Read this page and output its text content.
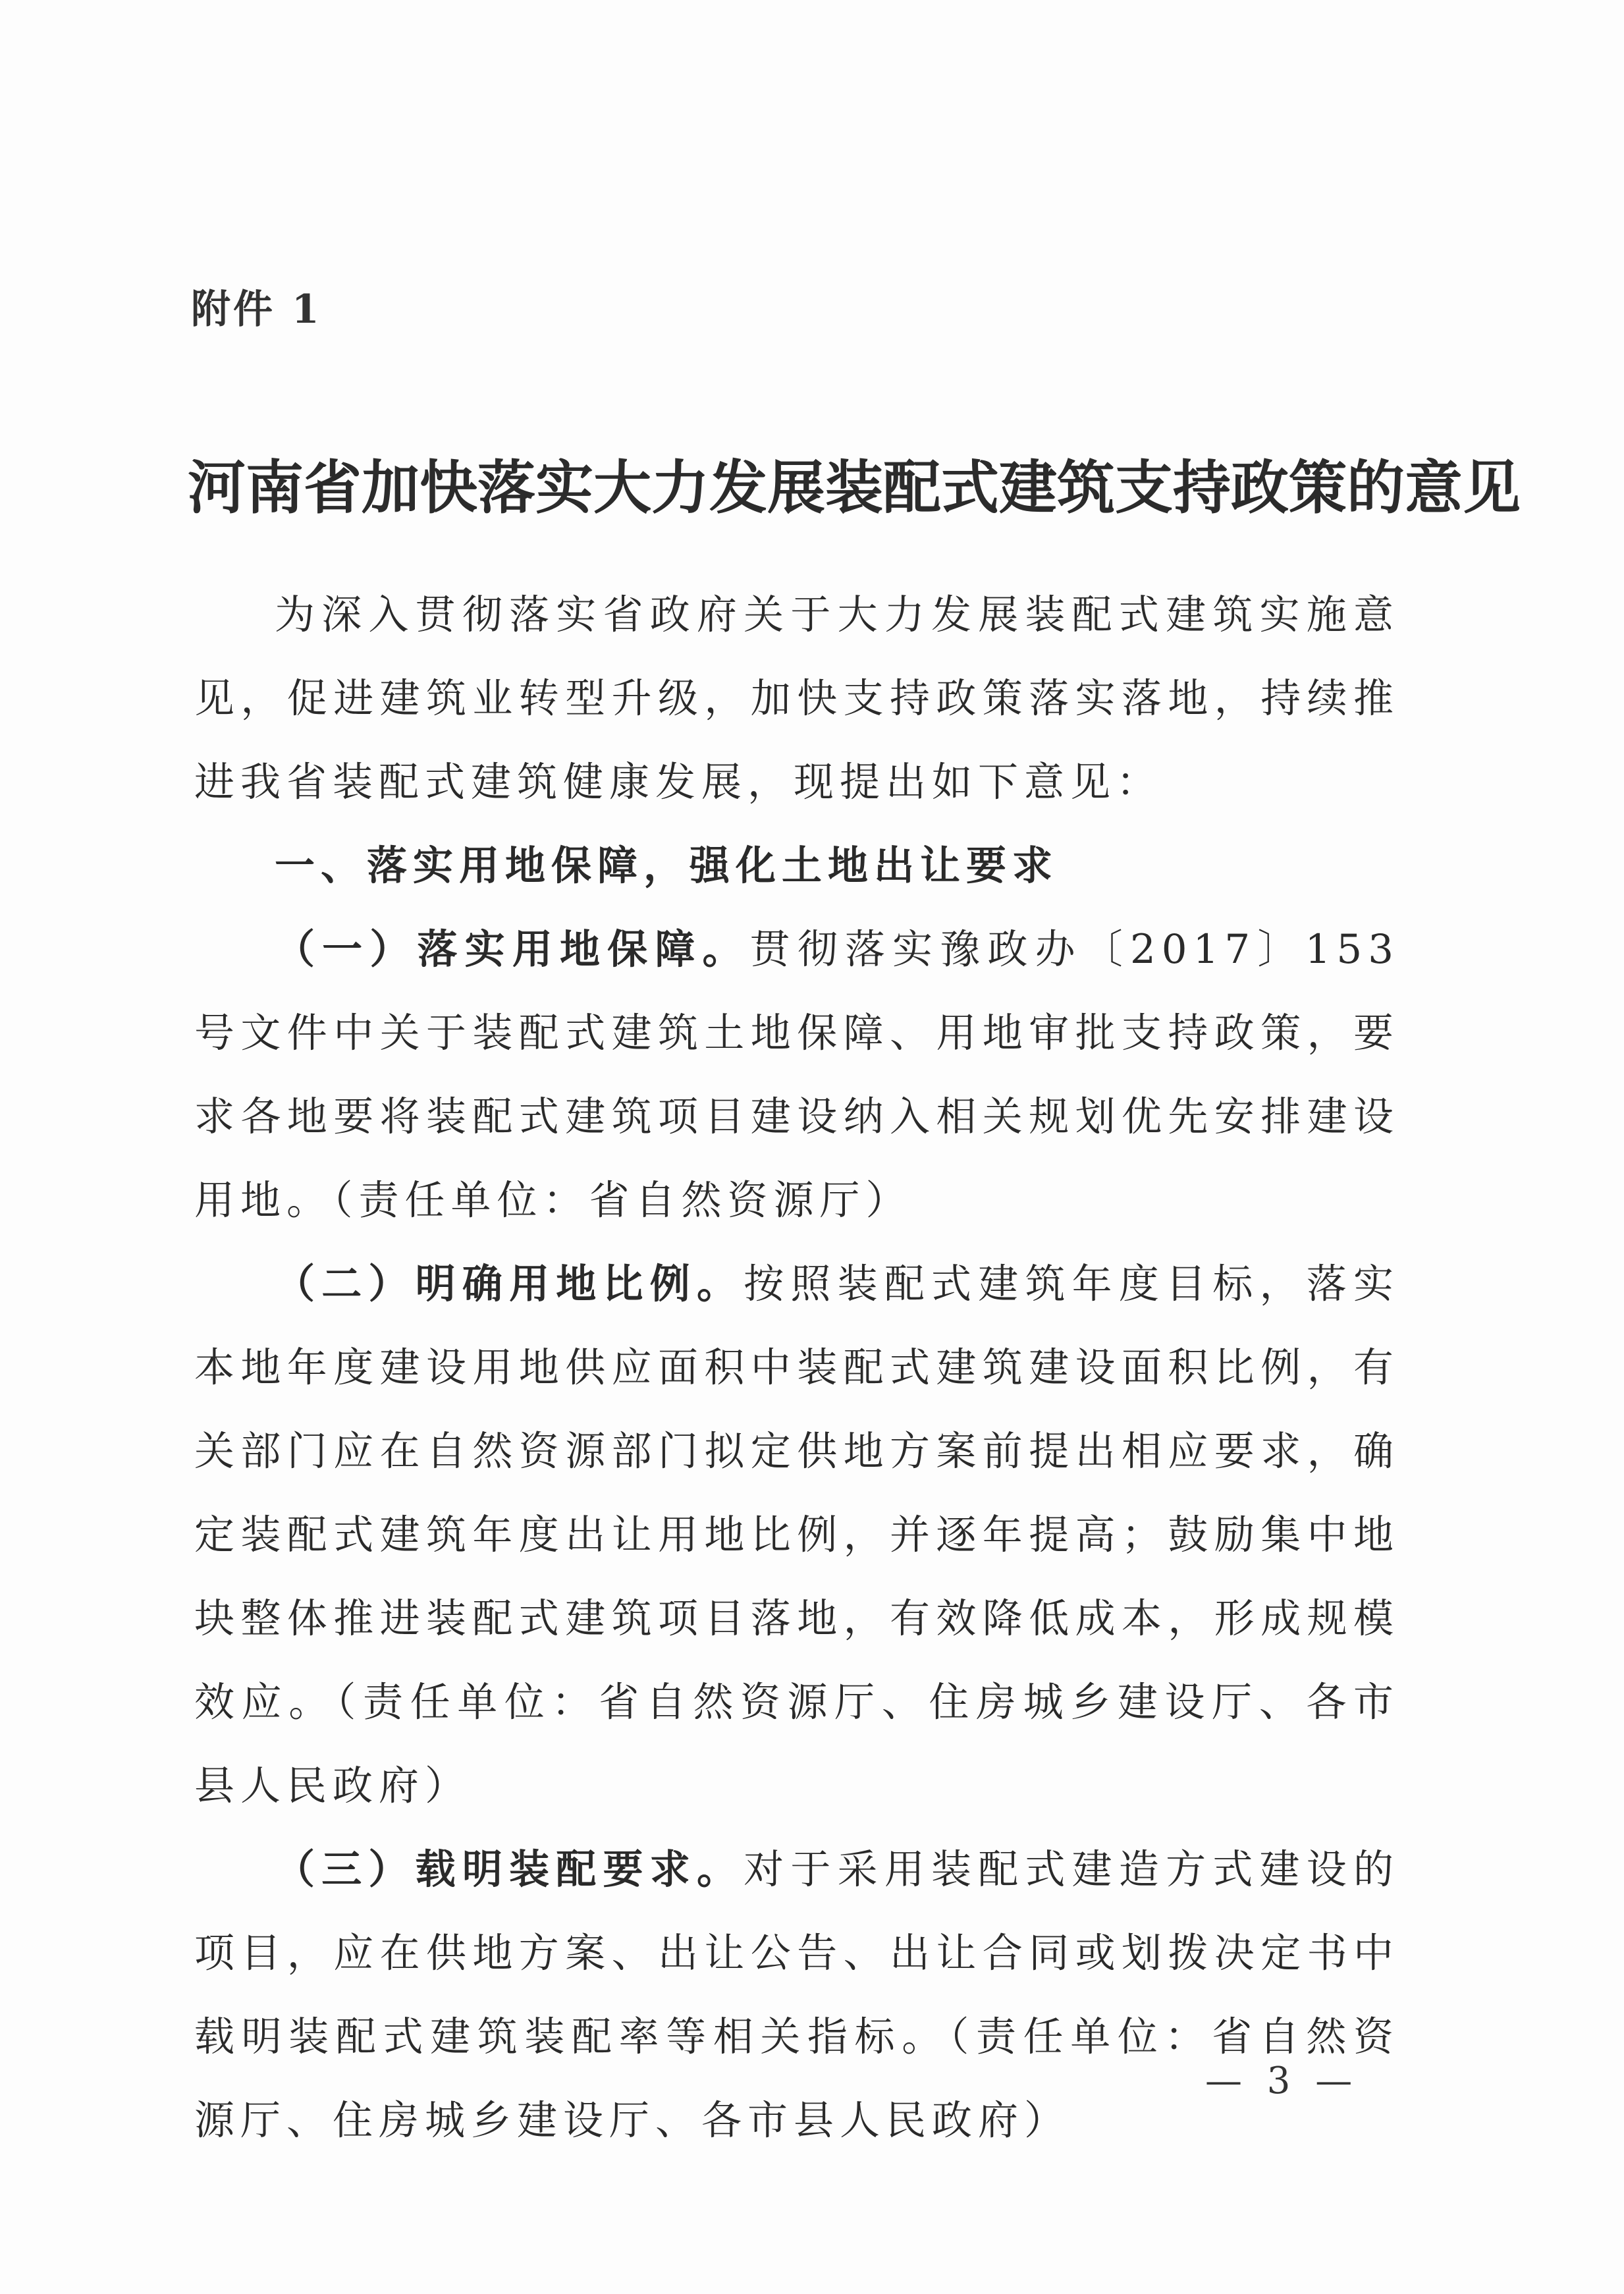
附件 1
河南省加快落实大力发展装配式建筑支持政策的意见

为深入贯彻落实省政府关于大力发展装配式建筑实施意见，促进建筑业转型升级，加快支持政策落实落地，持续推进我省装配式建筑健康发展，现提出如下意见：

一、落实用地保障，强化土地出让要求

（一）落实用地保障。贯彻落实豫政办〔2017〕153 号文件中关于装配式建筑土地保障、用地审批支持政策，要求各地要将装配式建筑项目建设纳入相关规划优先安排建设用地。（责任单位：省自然资源厅）

（二）明确用地比例。按照装配式建筑年度目标，落实本地年度建设用地供应面积中装配式建筑建设面积比例，有关部门应在自然资源部门拟定供地方案前提出相应要求，确定装配式建筑年度出让用地比例，并逐年提高；鼓励集中地块整体推进装配式建筑项目落地，有效降低成本，形成规模效应。（责任单位：省自然资源厅、住房城乡建设厅、各市县人民政府）

（三）载明装配要求。对于采用装配式建造方式建设的项目，应在供地方案、出让公告、出让合同或划拨决定书中载明装配式建筑装配率等相关指标。（责任单位：省自然资源厅、住房城乡建设厅、各市县人民政府）

— 3 —
